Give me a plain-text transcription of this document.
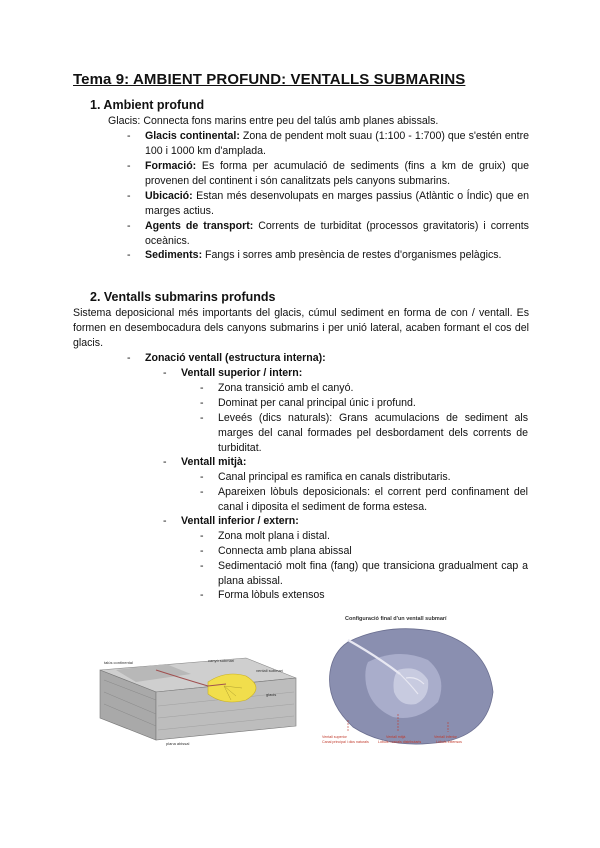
Tema 9: AMBIENT PROFUND: VENTALLS SUBMARINS
1. Ambient profund
Glacis: Connecta fons marins entre peu del talús amb planes abissals.
- Glacis continental: Zona de pendent molt suau (1:100 - 1:700) que s'estén entre 100 i 1000 km d'amplada.
- Formació: Es forma per acumulació de sediments (fins a km de gruix) que provenen del continent i són canalitzats pels canyons submarins.
- Ubicació: Estan més desenvolupats en marges passius (Atlàntic o Índic) que en marges actius.
- Agents de transport: Corrents de turbiditat (processos gravitatoris) i corrents oceànics.
- Sediments: Fangs i sorres amb presència de restes d'organismes pelàgics.
2. Ventalls submarins profunds
Sistema deposicional més importants del glacis, cúmul sediment en forma de con / ventall. Es formen en desembocadura dels canyons submarins i per unió lateral, acaben formant el cos del glacis.
- Zonació ventall (estructura interna):
- Ventall superior / intern:
- Zona transició amb el canyó.
- Dominat per canal principal únic i profund.
- Leveés (dics naturals): Grans acumulacions de sediment als marges del canal formades pel desbordament dels corrents de turbiditat.
- Ventall mitjà:
- Canal principal es ramifica en canals distributaris.
- Apareixen lòbuls deposicionals: el corrent perd confinament del canal i diposita el sediment de forma estesa.
- Ventall inferior / extern:
- Zona molt plana i distal.
- Connecta amb plana abissal
- Sedimentació molt fina (fang) que transiciona gradualment cap a plana abissal.
- Forma lòbuls extensos
talús continental	canyó submarí
ventall submarí
glacis
plana abissal
Configuració final d'un ventall submarí
Ventall superior
Canal principal i dics naturals
Ventall mitjà
Lòbuls i canals distributaris
Ventall inferior
Lòbuls extensos
